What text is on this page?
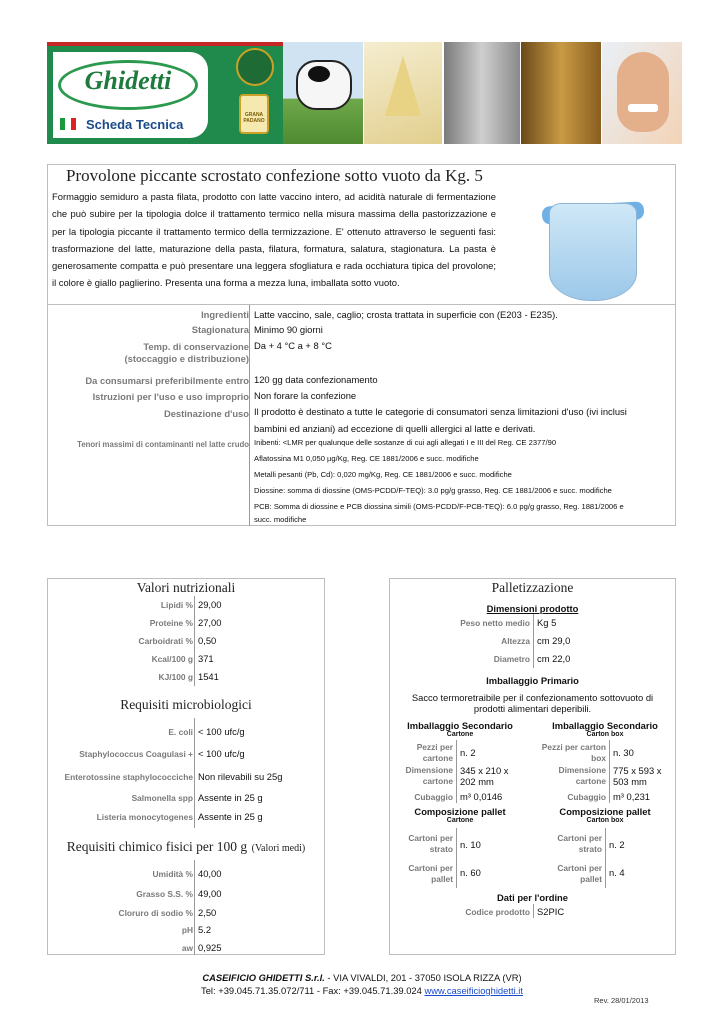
Ghidetti
Scheda Tecnica
GRANA PADANO
Provolone piccante scrostato confezione sotto vuoto da Kg. 5
Formaggio semiduro a pasta filata, prodotto con latte vaccino intero, ad acidità naturale di fermentazione che può subire per la tipologia dolce il trattamento termico nella misura massima della pastorizzazione e per la tipologia piccante il trattamento termico della termizzazione. E' ottenuto attraverso le seguenti fasi: trasformazione del latte, maturazione della pasta, filatura, formatura, salatura, stagionatura. La pasta è generosamente compatta e può presentare una leggera sfogliatura e rada occhiatura tipica del provolone; il colore è giallo paglierino. Presenta una forma a mezza luna, imballata sotto vuoto.
Ingredienti Latte vaccino, sale, caglio; crosta trattata in superficie con (E203 - E235).
Stagionatura Minimo 90 giorni
Temp. di conservazione
(stoccaggio e distribuzione)
Da + 4 °C a + 8 °C
Da consumarsi preferibilmente entro 120 gg data confezionamento
Istruzioni per l'uso e uso improprio Non forare la confezione
Destinazione d'uso Il prodotto è destinato a tutte le categorie di consumatori senza limitazioni d'uso (ivi inclusi
bambini ed anziani) ad eccezione di quelli allergici al latte e derivati.
Tenori massimi di contaminanti nel latte crudo Inibenti: <LMR per qualunque delle sostanze di cui agli allegati I e III del Reg. CE 2377/90
Aflatossina M1 0,050 µg/Kg, Reg. CE 1881/2006 e succ. modifiche
Metalli pesanti (Pb, Cd): 0,020 mg/Kg, Reg. CE 1881/2006 e succ. modifiche
Diossine: somma di diossine (OMS-PCDD/F-TEQ): 3.0 pg/g grasso, Reg. CE 1881/2006 e succ. modifiche
PCB: Somma di diossine e PCB diossina simili (OMS-PCDD/F-PCB-TEQ): 6.0 pg/g grasso, Reg. 1881/2006 e
succ. modifiche
Valori nutrizionali
Lipidi % 29,00
Proteine % 27,00
Carboidrati % 0,50
Kcal/100 g 371
KJ/100 g 1541
Requisiti microbiologici
E. coli < 100 ufc/g
Staphylococcus Coagulasi + < 100 ufc/g
Enterotossine staphylococciche Non rilevabili su 25g
Salmonella spp Assente in 25 g
Listeria monocytogenes Assente in 25 g
Requisiti chimico fisici per 100 g (Valori medi)
Umidità % 40,00
Grasso S.S. % 49,00
Cloruro di sodio % 2,50
pH 5.2
aw 0,925
Palletizzazione
Dimensioni prodotto
Peso netto medio Kg 5
Altezza cm 29,0
Diametro cm 22,0
Imballaggio Primario
Sacco termoretraibile per il confezionamento sottovuoto di
prodotti alimentari deperibili.
Imballaggio Secondario
Cartone
Pezzi per
cartone n. 2
Dimensione
cartone
345 x 210 x
202 mm
Cubaggio m³ 0,0146
Imballaggio Secondario
Carton box
Pezzi per carton
box n. 30
Dimensione
cartone
775 x 593 x
503 mm
Cubaggio m³ 0,231
Composizione pallet
Cartone
Cartoni per
strato n. 10
Cartoni per
pallet
n. 60
Composizione pallet
Carton box
Cartoni per
strato n. 2
Cartoni per
pallet
n. 4
Dati per l'ordine
Codice prodotto S2PIC
CASEIFICIO GHIDETTI S.r.l. - VIA VIVALDI, 201 - 37050 ISOLA RIZZA (VR)
Tel: +39.045.71.35.072/711 - Fax: +39.045.71.39.024 www.caseificioghidetti.it
Rev. 28/01/2013
